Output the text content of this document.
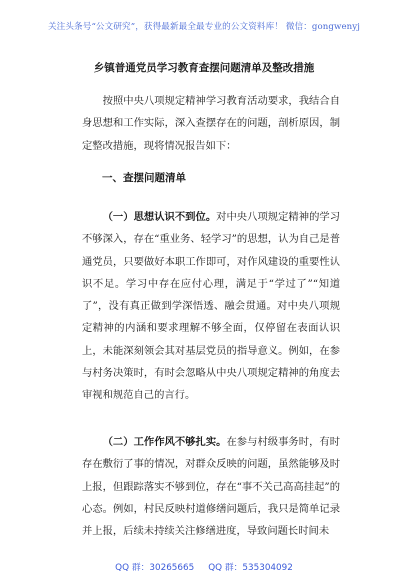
关注头条号“公文研究”，获得最新最全最专业的公文资料库！ 微信：gongwenyj
乡镇普通党员学习教育查摆问题清单及整改措施
按照中央八项规定精神学习教育活动要求，我结合自身思想和工作实际，深入查摆存在的问题，剖析原因，制定整改措施，现将情况报告如下：
一、查摆问题清单
（一）思想认识不到位。对中央八项规定精神的学习不够深入，存在“重业务、轻学习”的思想，认为自己是普通党员，只要做好本职工作即可，对作风建设的重要性认识不足。学习中存在应付心理，满足于“学过了”“知道了”，没有真正做到学深悟透、融会贯通。对中央八项规定精神的内涵和要求理解不够全面，仅停留在表面认识上，未能深刻领会其对基层党员的指导意义。例如，在参与村务决策时，有时会忽略从中央八项规定精神的角度去审视和规范自己的言行。
（二）工作作风不够扎实。在参与村级事务时，有时存在敷衍了事的情况，对群众反映的问题，虽然能够及时上报，但跟踪落实不够到位，存在“事不关己高高挂起”的心态。例如，村民反映村道修缮问题后，我只是简单记录并上报，后续未持续关注修缮进度，导致问题长时间未
QQ 群：30265665 QQ 群：535304092
